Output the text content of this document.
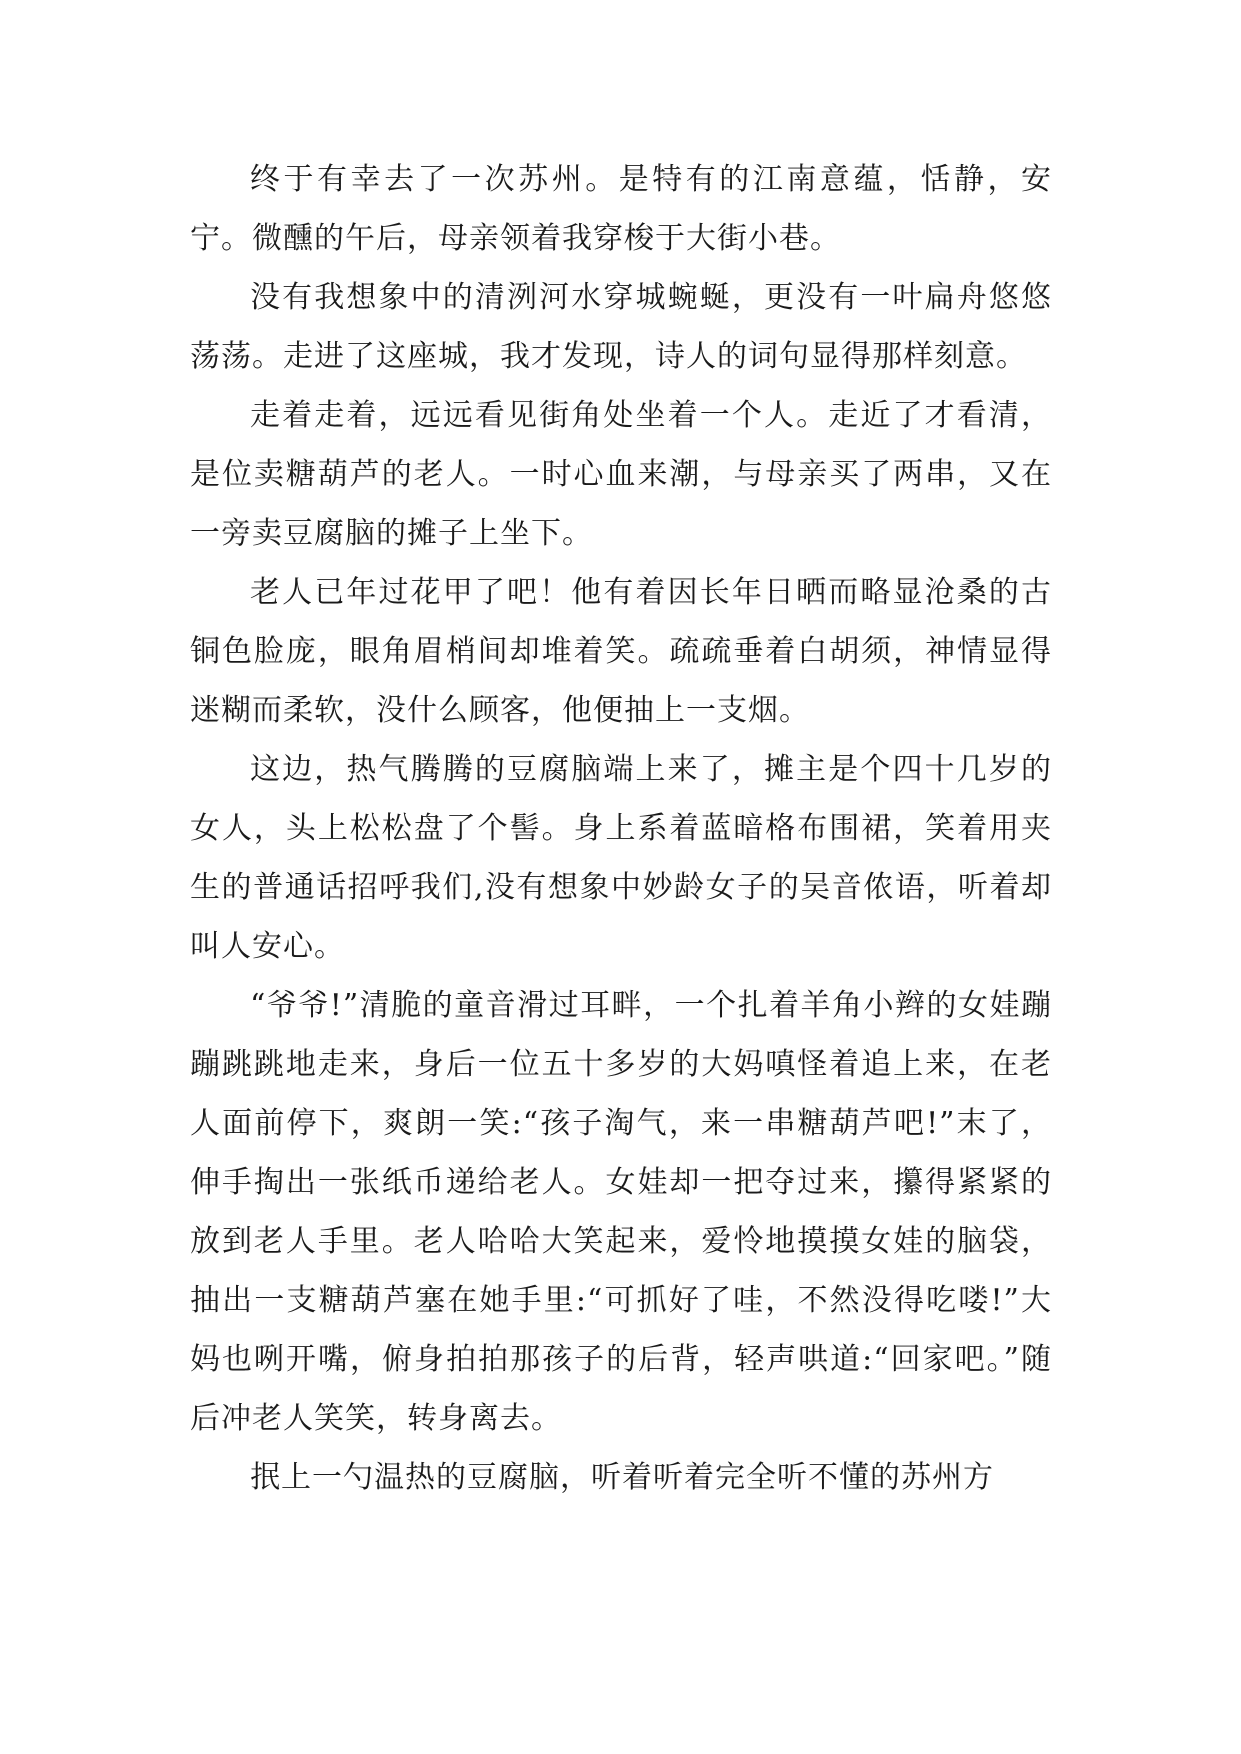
终于有幸去了一次苏州。是特有的江南意蕴，恬静，安宁。微醺的午后，母亲领着我穿梭于大街小巷。

没有我想象中的清洌河水穿城蜿蜒，更没有一叶扁舟悠悠荡荡。走进了这座城，我才发现，诗人的词句显得那样刻意。

走着走着，远远看见街角处坐着一个人。走近了才看清，是位卖糖葫芦的老人。一时心血来潮，与母亲买了两串，又在一旁卖豆腐脑的摊子上坐下。

老人已年过花甲了吧！他有着因长年日晒而略显沧桑的古铜色脸庞，眼角眉梢间却堆着笑。疏疏垂着白胡须，神情显得迷糊而柔软，没什么顾客，他便抽上一支烟。

这边，热气腾腾的豆腐脑端上来了，摊主是个四十几岁的女人，头上松松盘了个髻。身上系着蓝暗格布围裙，笑着用夹生的普通话招呼我们,没有想象中妙龄女子的吴音侬语，听着却叫人安心。

“爷爷!”清脆的童音滑过耳畔，一个扎着羊角小辫的女娃蹦蹦跳跳地走来，身后一位五十多岁的大妈嗔怪着追上来，在老人面前停下，爽朗一笑:“孩子淘气，来一串糖葫芦吧!”末了，伸手掏出一张纸币递给老人。女娃却一把夺过来，攥得紧紧的放到老人手里。老人哈哈大笑起来，爱怜地摸摸女娃的脑袋，抽出一支糖葫芦塞在她手里:“可抓好了哇，不然没得吃喽!”大妈也咧开嘴，俯身拍拍那孩子的后背，轻声哄道:“回家吧。”随后冲老人笑笑，转身离去。

抿上一勺温热的豆腐脑，听着听着完全听不懂的苏州方
